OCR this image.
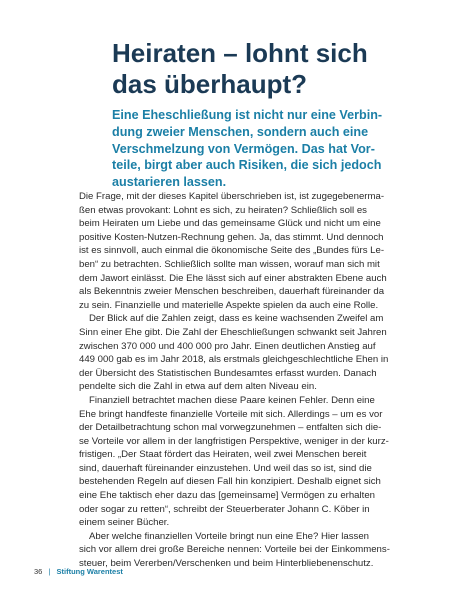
Heiraten – lohnt sich
das überhaupt?

Eine Eheschließung ist nicht nur eine Verbin-
dung zweier Menschen, sondern auch eine
Verschmelzung von Vermögen. Das hat Vor-
teile, birgt aber auch Risiken, die sich jedoch
austarieren lassen.

Die Frage, mit der dieses Kapitel überschrieben ist, ist zugegebenerma-
ßen etwas provokant: Lohnt es sich, zu heiraten? Schließlich soll es
beim Heiraten um Liebe und das gemeinsame Glück und nicht um eine
positive Kosten-Nutzen-Rechnung gehen. Ja, das stimmt. Und dennoch
ist es sinnvoll, auch einmal die ökonomische Seite des „Bundes fürs Le-
ben“ zu betrachten. Schließlich sollte man wissen, worauf man sich mit
dem Jawort einlässt. Die Ehe lässt sich auf einer abstrakten Ebene auch
als Bekenntnis zweier Menschen beschreiben, dauerhaft füreinander da
zu sein. Finanzielle und materielle Aspekte spielen da auch eine Rolle.
Der Blick auf die Zahlen zeigt, dass es keine wachsenden Zweifel am
Sinn einer Ehe gibt. Die Zahl der Eheschließungen schwankt seit Jahren
zwischen 370 000 und 400 000 pro Jahr. Einen deutlichen Anstieg auf
449 000 gab es im Jahr 2018, als erstmals gleichgeschlechtliche Ehen in
der Übersicht des Statistischen Bundesamtes erfasst wurden. Danach
pendelte sich die Zahl in etwa auf dem alten Niveau ein.
Finanziell betrachtet machen diese Paare keinen Fehler. Denn eine
Ehe bringt handfeste finanzielle Vorteile mit sich. Allerdings – um es vor
der Detailbetrachtung schon mal vorwegzunehmen – entfalten sich die-
se Vorteile vor allem in der langfristigen Perspektive, weniger in der kurz-
fristigen. „Der Staat fördert das Heiraten, weil zwei Menschen bereit
sind, dauerhaft füreinander einzustehen. Und weil das so ist, sind die
bestehenden Regeln auf diesen Fall hin konzipiert. Deshalb eignet sich
eine Ehe taktisch eher dazu das [gemeinsame] Vermögen zu erhalten
oder sogar zu retten“, schreibt der Steuerberater Johann C. Köber in
einem seiner Bücher.
Aber welche finanziellen Vorteile bringt nun eine Ehe? Hier lassen
sich vor allem drei große Bereiche nennen: Vorteile bei der Einkommens-
steuer, beim Vererben/Verschenken und beim Hinterbliebenenschutz.
36 | Stiftung Warentest
